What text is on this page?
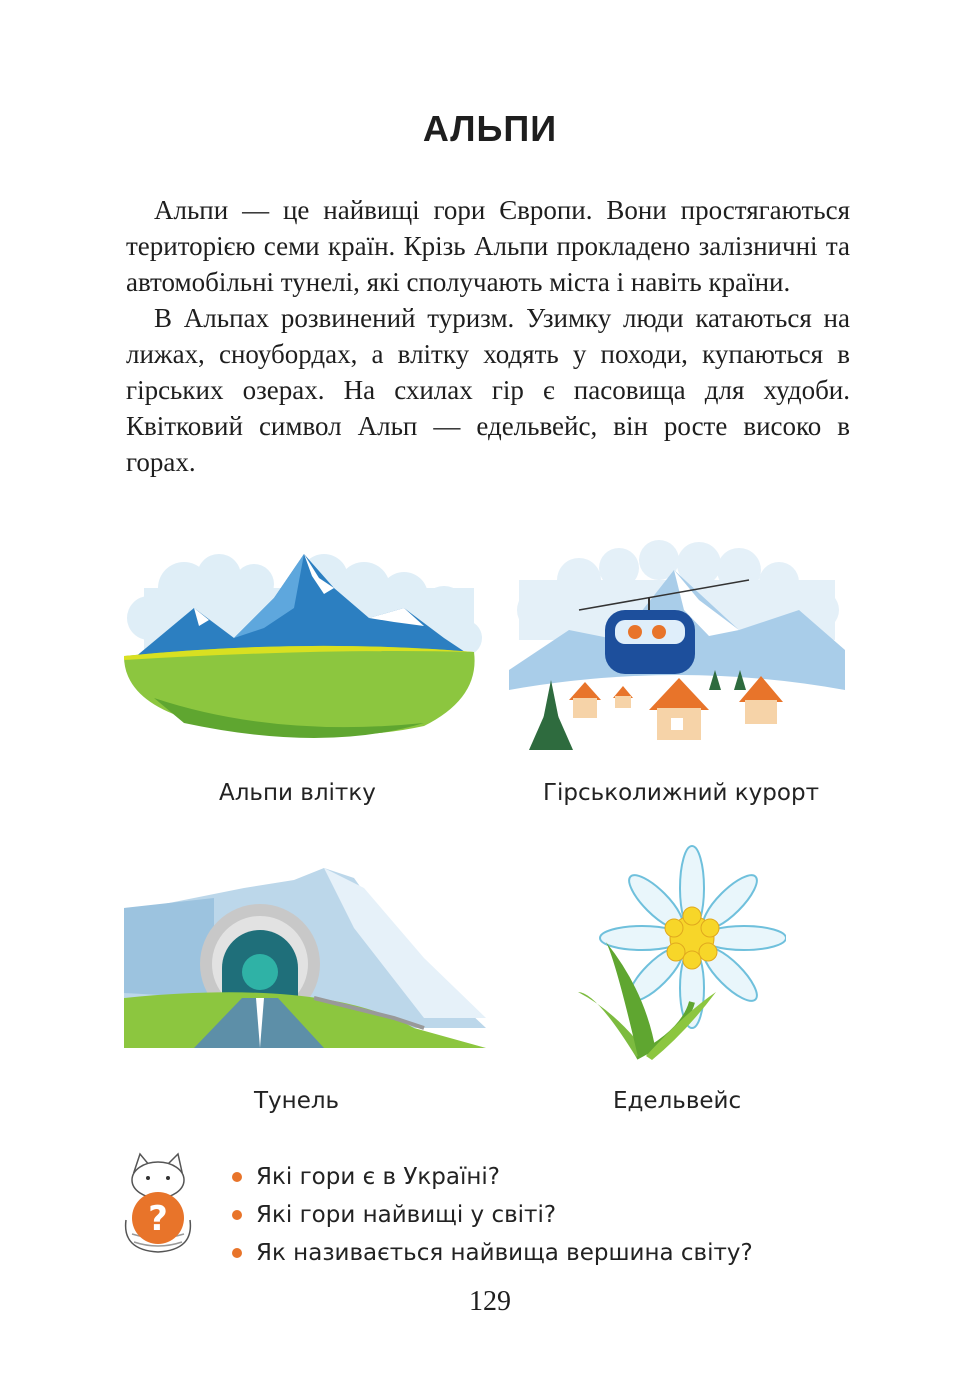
АЛЬПИ

Альпи — це найвищі гори Європи. Вони простягаються територією семи країн. Крізь Альпи прокладено залізничні та автомобільні тунелі, які сполучають міста і навіть країни.

В Альпах розвинений туризм. Узимку люди катаються на лижах, сноубордах, а влітку ходять у походи, купаються в гірських озерах. На схилах гір є пасовища для худоби. Квітковий символ Альп — едельвейс, він росте високо в горах.

Альпи влітку	Гірськолижний курорт
Тунель	Едельвейс
?
Які гори є в Україні?
Які гори найвищі у світі?
Як називається найвища вершина світу?
129
